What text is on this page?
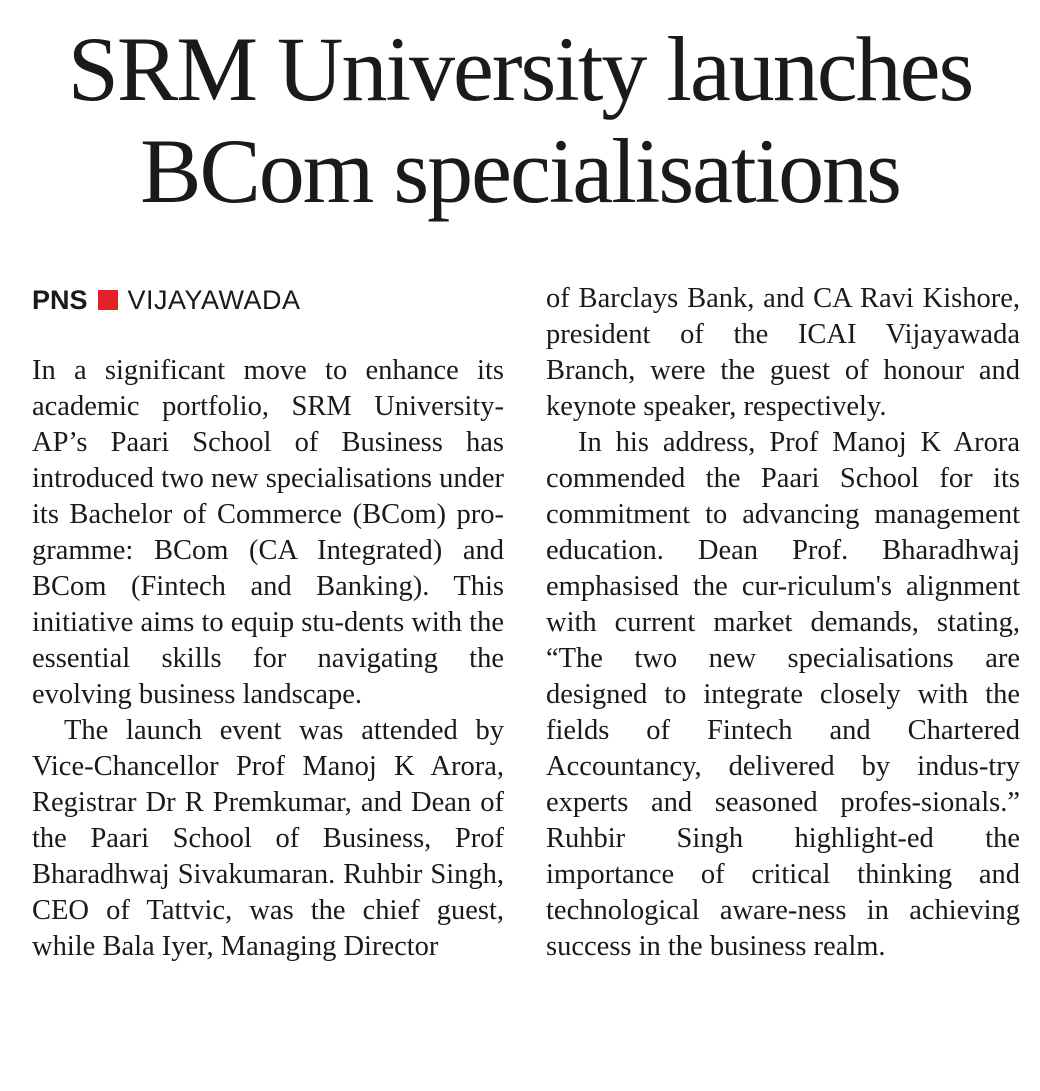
SRM University launches
BCom specialisations
PNS VIJAYAWADA

In a significant move to enhance its academic portfolio, SRM University-AP’s Paari School of Business has introduced two new specialisations under its Bachelor of Commerce (BCom) pro-gramme: BCom (CA Integrated) and BCom (Fintech and Banking). This initiative aims to equip stu-dents with the essential skills for navigating the evolving business landscape.

The launch event was attended by Vice-Chancellor Prof Manoj K Arora, Registrar Dr R Premkumar, and Dean of the Paari School of Business, Prof Bharadhwaj Sivakumaran. Ruhbir Singh, CEO of Tattvic, was the chief guest, while Bala Iyer, Managing Director

of Barclays Bank, and CA Ravi Kishore, president of the ICAI Vijayawada Branch, were the guest of honour and keynote speaker, respectively.

In his address, Prof Manoj K Arora commended the Paari School for its commitment to advancing management education. Dean Prof. Bharadhwaj emphasised the cur-riculum's alignment with current market demands, stating, “The two new specialisations are designed to integrate closely with the fields of Fintech and Chartered Accountancy, delivered by indus-try experts and seasoned profes-sionals.” Ruhbir Singh highlight-ed the importance of critical thinking and technological aware-ness in achieving success in the business realm.
